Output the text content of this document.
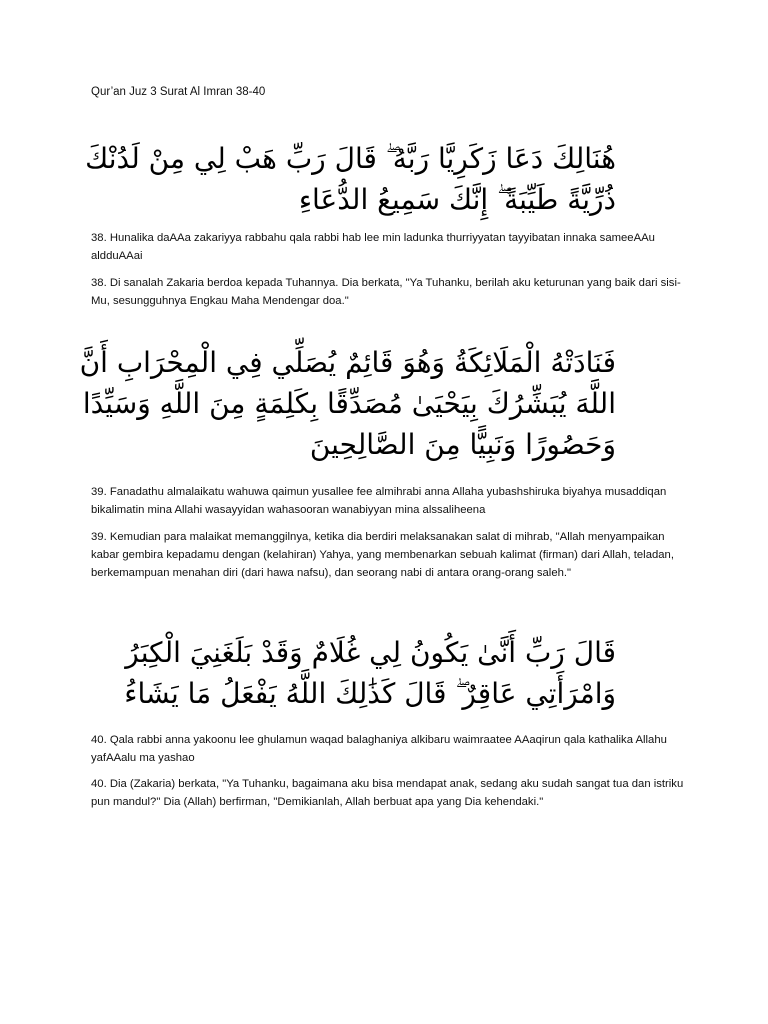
Qur’an Juz 3 Surat Al Imran 38-40
هُنَالِكَ دَعَا زَكَرِيَّا رَبَّهُ ۖ قَالَ رَبِّ هَبْ لِي مِنْ لَدُنْكَ
ذُرِّيَّةً طَيِّبَةً ۖ إِنَّكَ سَمِيعُ الدُّعَاءِ
38. Hunalika daAAa zakariyya rabbahu qala rabbi hab lee min ladunka thurriyyatan tayyibatan innaka sameeAAu aldduAAai
38. Di sanalah Zakaria berdoa kepada Tuhannya. Dia berkata, "Ya Tuhanku, berilah aku keturunan yang baik dari sisi-Mu, sesungguhnya Engkau Maha Mendengar doa."
فَنَادَتْهُ الْمَلَائِكَةُ وَهُوَ قَائِمٌ يُصَلِّي فِي الْمِحْرَابِ أَنَّ
اللَّهَ يُبَشِّرُكَ بِيَحْيَىٰ مُصَدِّقًا بِكَلِمَةٍ مِنَ اللَّهِ وَسَيِّدًا
وَحَصُورًا وَنَبِيًّا مِنَ الصَّالِحِينَ
39. Fanadathu almalaikatu wahuwa qaimun yusallee fee almihrabi anna Allaha yubashshiruka biyahya musaddiqan bikalimatin mina Allahi wasayyidan wahasooran wanabiyyan mina alssaliheena
39. Kemudian para malaikat memanggilnya, ketika dia berdiri melaksanakan salat di mihrab, "Allah menyampaikan kabar gembira kepadamu dengan (kelahiran) Yahya, yang membenarkan sebuah kalimat (firman) dari Allah, teladan, berkemampuan menahan diri (dari hawa nafsu), dan seorang nabi di antara orang-orang saleh."
قَالَ رَبِّ أَنَّىٰ يَكُونُ لِي غُلَامٌ وَقَدْ بَلَغَنِيَ الْكِبَرُ
وَامْرَأَتِي عَاقِرٌ ۖ قَالَ كَذَٰلِكَ اللَّهُ يَفْعَلُ مَا يَشَاءُ
40. Qala rabbi anna yakoonu lee ghulamun waqad balaghaniya alkibaru waimraatee AAaqirun qala kathalika Allahu yafAAalu ma yashao
40. Dia (Zakaria) berkata, "Ya Tuhanku, bagaimana aku bisa mendapat anak, sedang aku sudah sangat tua dan istriku pun mandul?" Dia (Allah) berfirman, "Demikianlah, Allah berbuat apa yang Dia kehendaki."
